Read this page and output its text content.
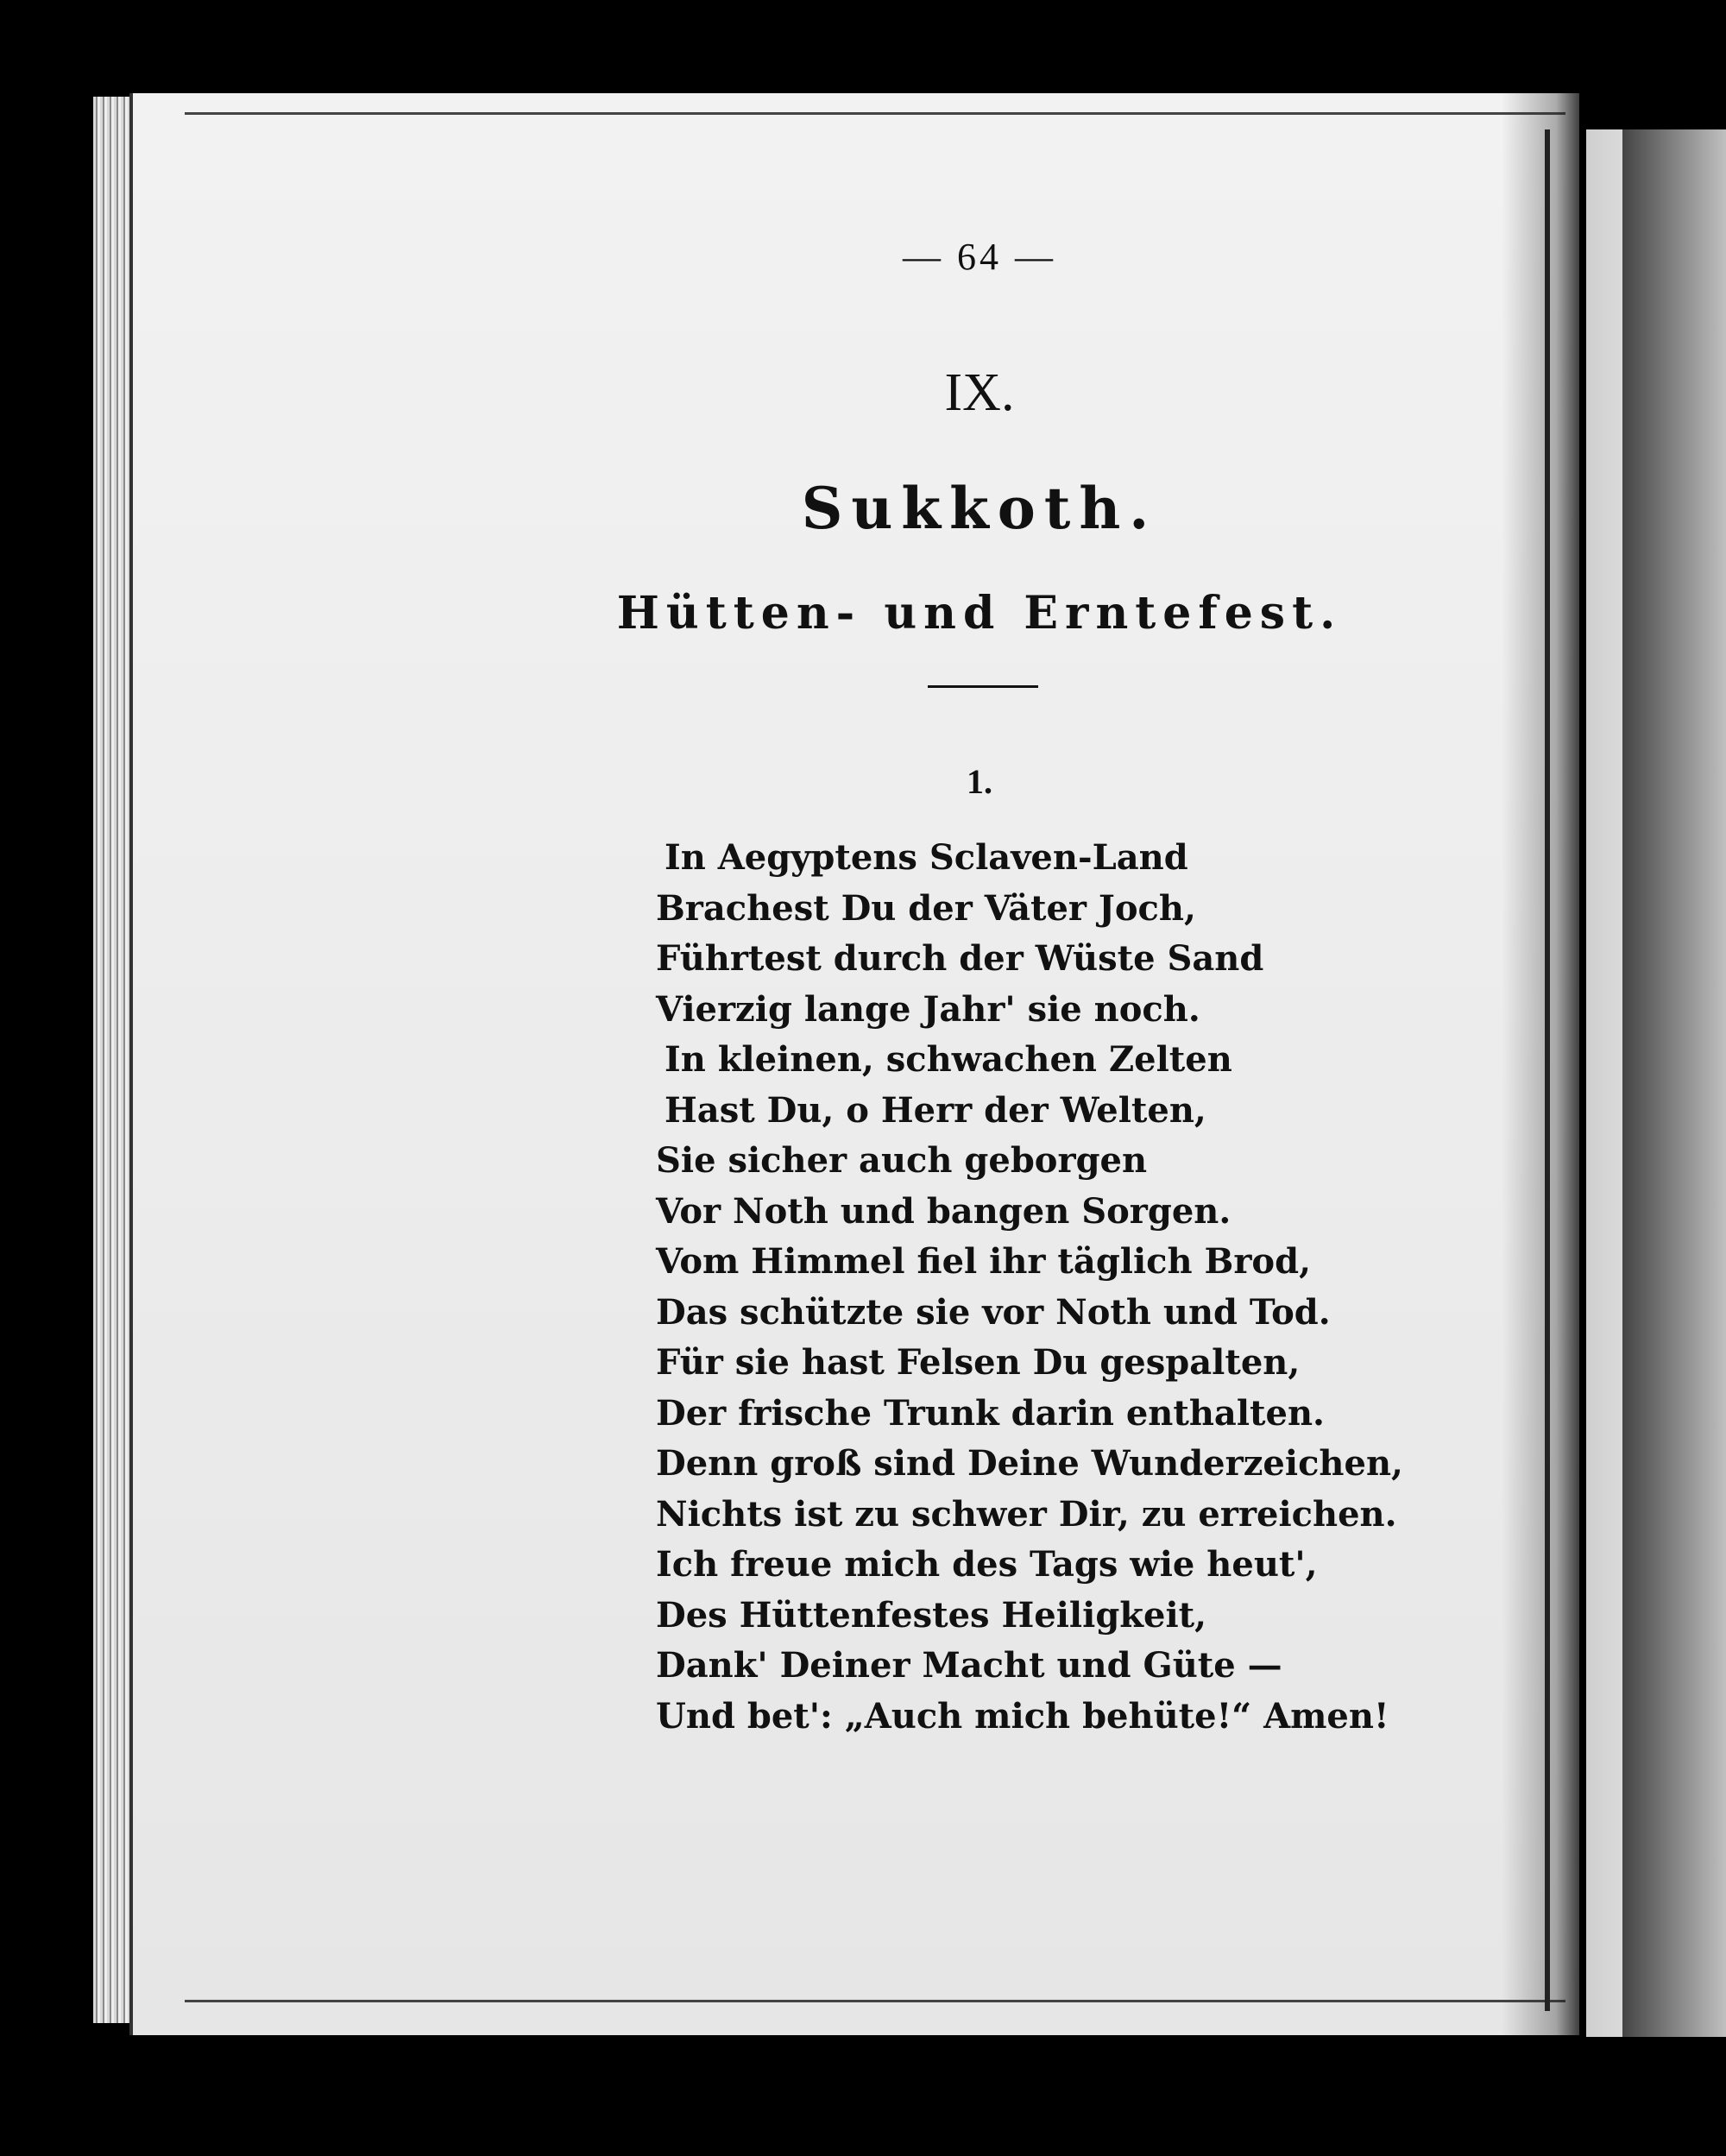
— 64 —
IX.
Sukkoth.
Hütten- und Erntefest.
1.
In Aegyptens Sclaven-Land
Brachest Du der Väter Joch,
Führtest durch der Wüste Sand
Vierzig lange Jahr' sie noch.
In kleinen, schwachen Zelten
Hast Du, o Herr der Welten,
Sie sicher auch geborgen
Vor Noth und bangen Sorgen.
Vom Himmel fiel ihr täglich Brod,
Das schützte sie vor Noth und Tod.
Für sie hast Felsen Du gespalten,
Der frische Trunk darin enthalten.
Denn groß sind Deine Wunderzeichen,
Nichts ist zu schwer Dir, zu erreichen.
Ich freue mich des Tags wie heut',
Des Hüttenfestes Heiligkeit,
Dank' Deiner Macht und Güte —
Und bet': „Auch mich behüte!“ Amen!
